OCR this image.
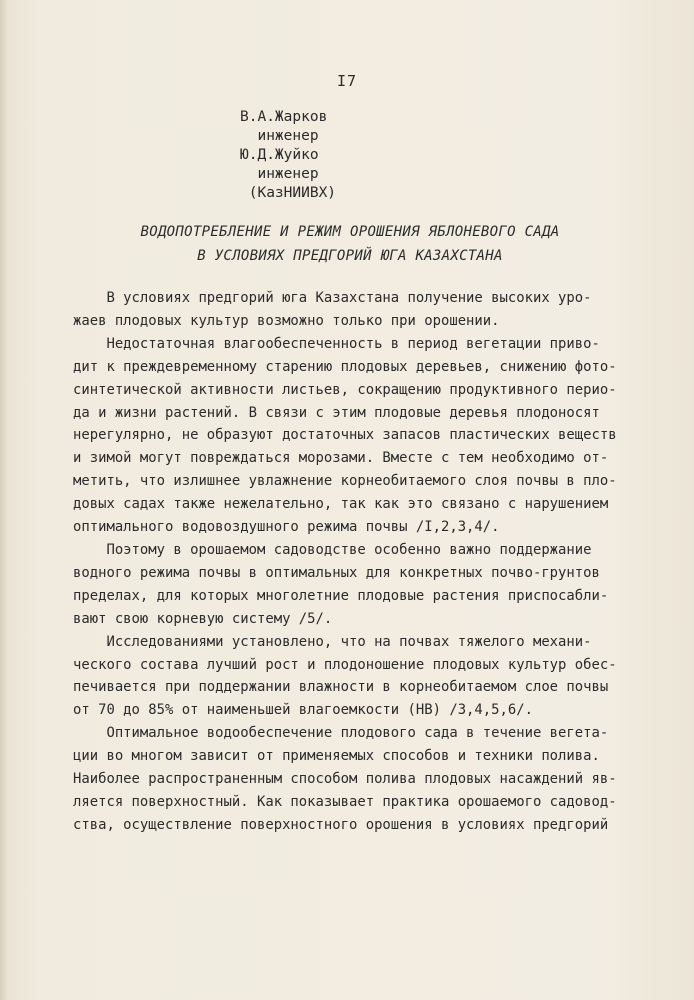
I7
В.А.Жарков
инженер
Ю.Д.Жуйко
инженер
(КазНИИВХ)
ВОДОПОТРЕБЛЕНИЕ И РЕЖИМ ОРОШЕНИЯ ЯБЛОНЕВОГО САДА
В УСЛОВИЯХ ПРЕДГОРИЙ ЮГА КАЗАХСТАНА
В условиях предгорий юга Казахстана получение высоких уро-
жаев плодовых культур возможно только при орошении.
Недостаточная влагообеспеченность в период вегетации приво-
дит к преждевременному старению плодовых деревьев, снижению фото-
синтетической активности листьев, сокращению продуктивного перио-
да и жизни растений. В связи с этим плодовые деревья плодоносят
нерегулярно, не образуют достаточных запасов пластических веществ
и зимой могут повреждаться морозами. Вместе с тем необходимо от-
метить, что излишнее увлажнение корнеобитаемого слоя почвы в пло-
довых садах также нежелательно, так как это связано с нарушением
оптимального водовоздушного режима почвы /I,2,3,4/.
Поэтому в орошаемом садоводстве особенно важно поддержание
водного режима почвы в оптимальных для конкретных почво-грунтов
пределах, для которых многолетние плодовые растения приспосабли-
вают свою корневую систему /5/.
Исследованиями установлено, что на почвах тяжелого механи-
ческого состава лучший рост и плодоношение плодовых культур обес-
печивается при поддержании влажности в корнеобитаемом слое почвы
от 70 до 85% от наименьшей влагоемкости (НВ) /3,4,5,6/.
Оптимальное водообеспечение плодового сада в течение вегета-
ции во многом зависит от применяемых способов и техники полива.
Наиболее распространенным способом полива плодовых насаждений яв-
ляется поверхностный. Как показывает практика орошаемого садовод-
ства, осуществление поверхностного орошения в условиях предгорий
